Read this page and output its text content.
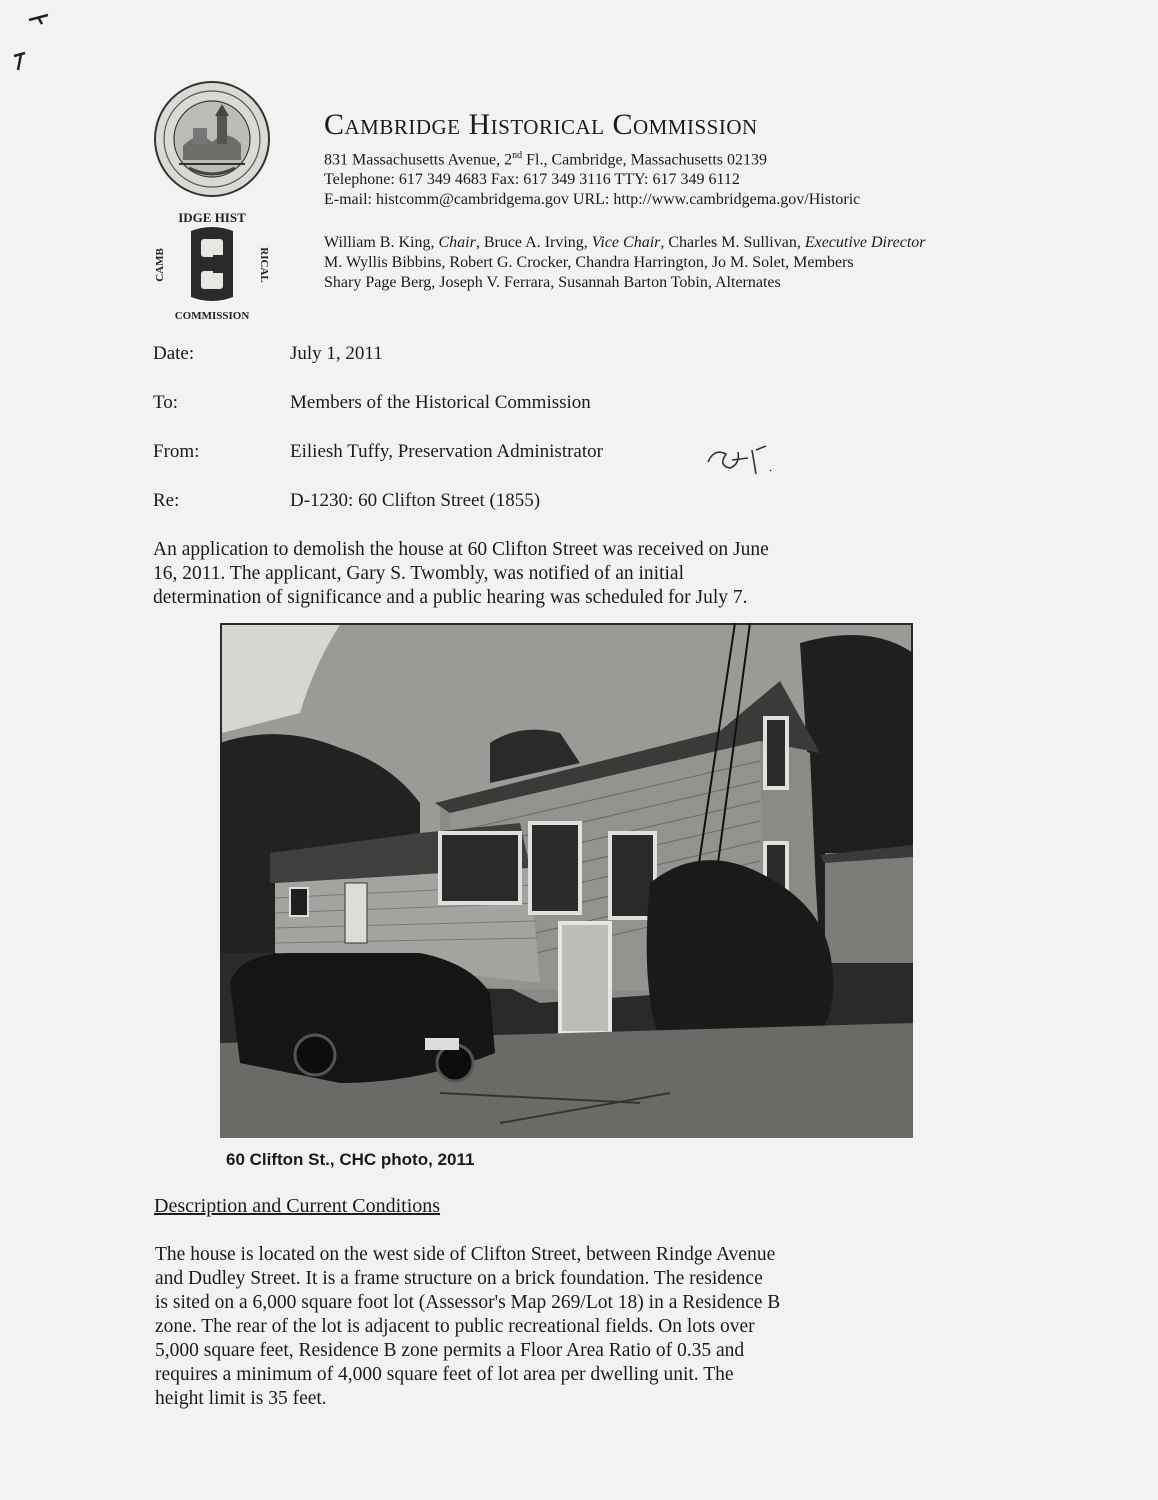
IDGE HIST
COMMISSION
CAMB	RICAL
Cambridge Historical Commission
831 Massachusetts Avenue, 2nd Fl., Cambridge, Massachusetts 02139
Telephone: 617 349 4683 Fax: 617 349 3116 TTY: 617 349 6112
E-mail: histcomm@cambridgema.gov URL: http://www.cambridgema.gov/Historic
William B. King, Chair, Bruce A. Irving, Vice Chair, Charles M. Sullivan, Executive Director
M. Wyllis Bibbins, Robert G. Crocker, Chandra Harrington, Jo M. Solet, Members
Shary Page Berg, Joseph V. Ferrara, Susannah Barton Tobin, Alternates
Date:	July 1, 2011
To:	Members of the Historical Commission
From:	Eiliesh Tuffy, Preservation Administrator
Re:	D-1230: 60 Clifton Street (1855)
An application to demolish the house at 60 Clifton Street was received on June
16, 2011. The applicant, Gary S. Twombly, was notified of an initial
determination of significance and a public hearing was scheduled for July 7.
60 Clifton St., CHC photo, 2011
Description and Current Conditions
The house is located on the west side of Clifton Street, between Rindge Avenue
and Dudley Street. It is a frame structure on a brick foundation. The residence
is sited on a 6,000 square foot lot (Assessor's Map 269/Lot 18) in a Residence B
zone. The rear of the lot is adjacent to public recreational fields. On lots over
5,000 square feet, Residence B zone permits a Floor Area Ratio of 0.35 and
requires a minimum of 4,000 square feet of lot area per dwelling unit. The
height limit is 35 feet.
